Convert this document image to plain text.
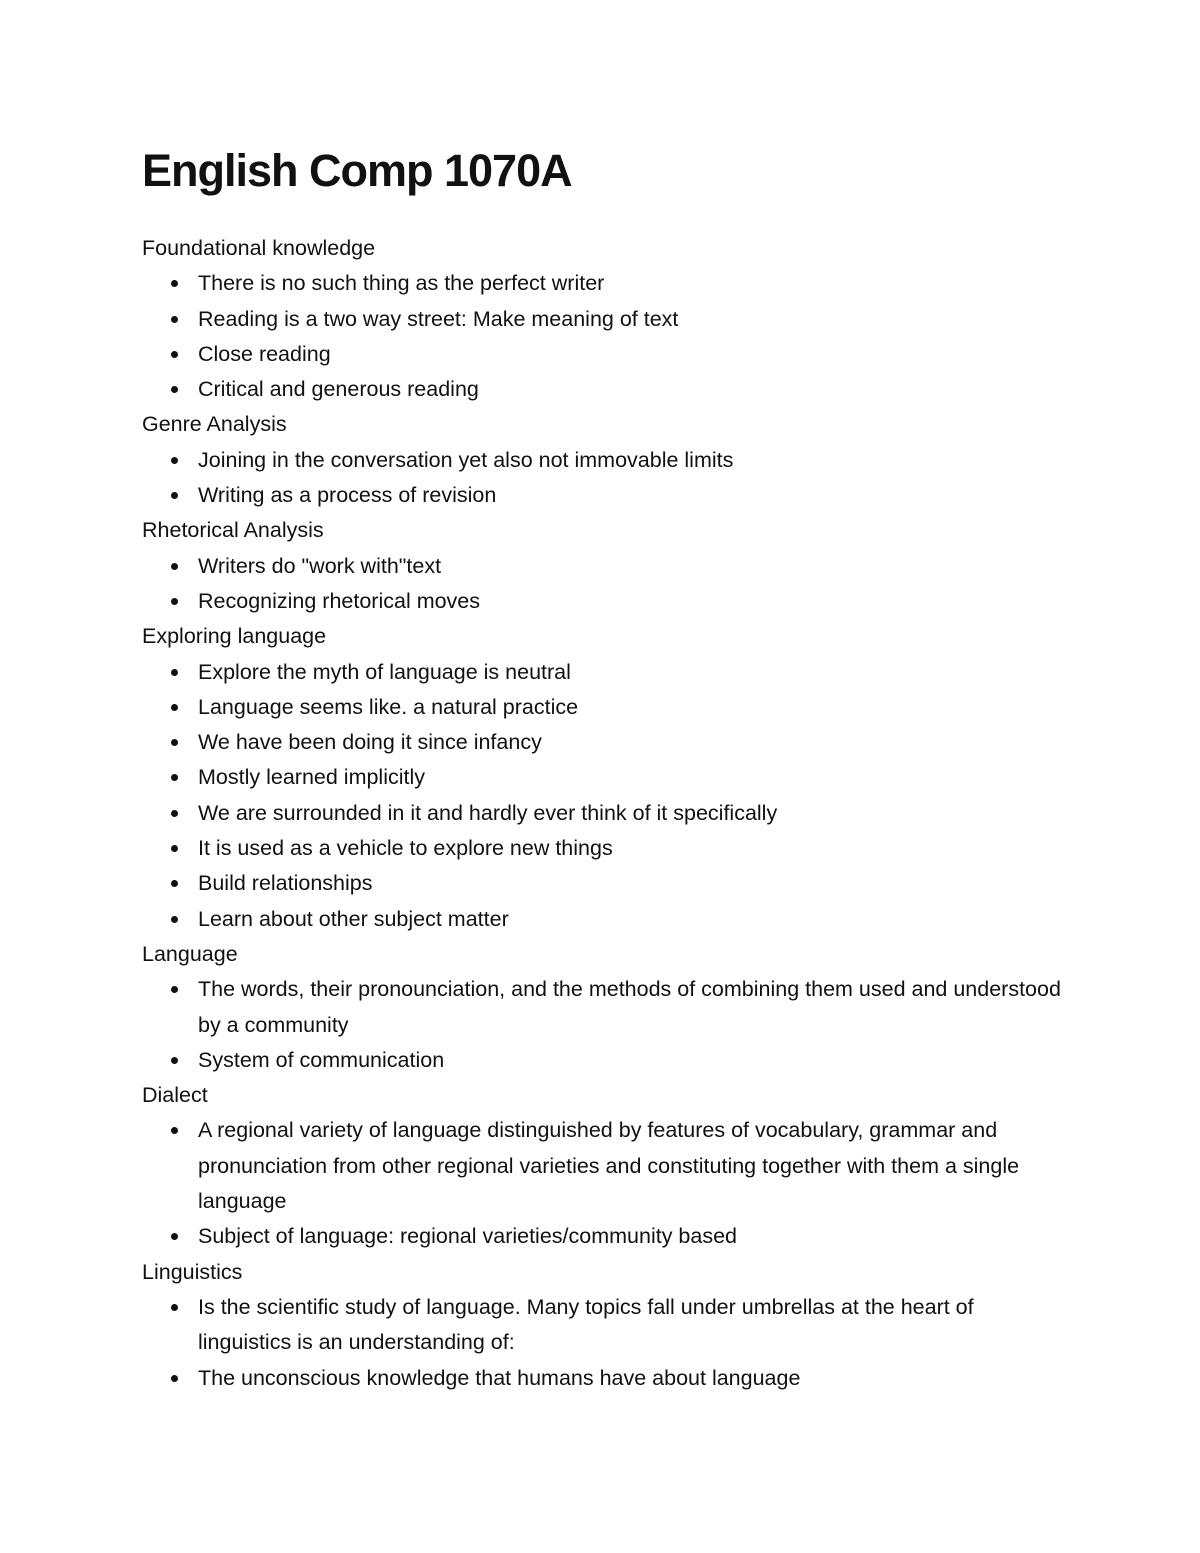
English Comp 1070A
Foundational knowledge
There is no such thing as the perfect writer
Reading is a two way street: Make meaning of text
Close reading
Critical and generous reading
Genre Analysis
Joining in the conversation yet also not immovable limits
Writing as a process of revision
Rhetorical Analysis
Writers do "work with"text
Recognizing rhetorical moves
Exploring language
Explore the myth of language is neutral
Language seems like. a natural practice
We have been doing it since infancy
Mostly learned implicitly
We are surrounded in it and hardly ever think of it specifically
It is used as a vehicle to explore new things
Build relationships
Learn about other subject matter
Language
The words, their pronounciation, and the methods of combining them used and understood by a community
System of communication
Dialect
A regional variety of language distinguished by features of vocabulary, grammar and pronunciation from other regional varieties and constituting together with them a single language
Subject of language: regional varieties/community based
Linguistics
Is the scientific study of language. Many topics fall under umbrellas at the heart of linguistics is an understanding of:
The unconscious knowledge that humans have about language
